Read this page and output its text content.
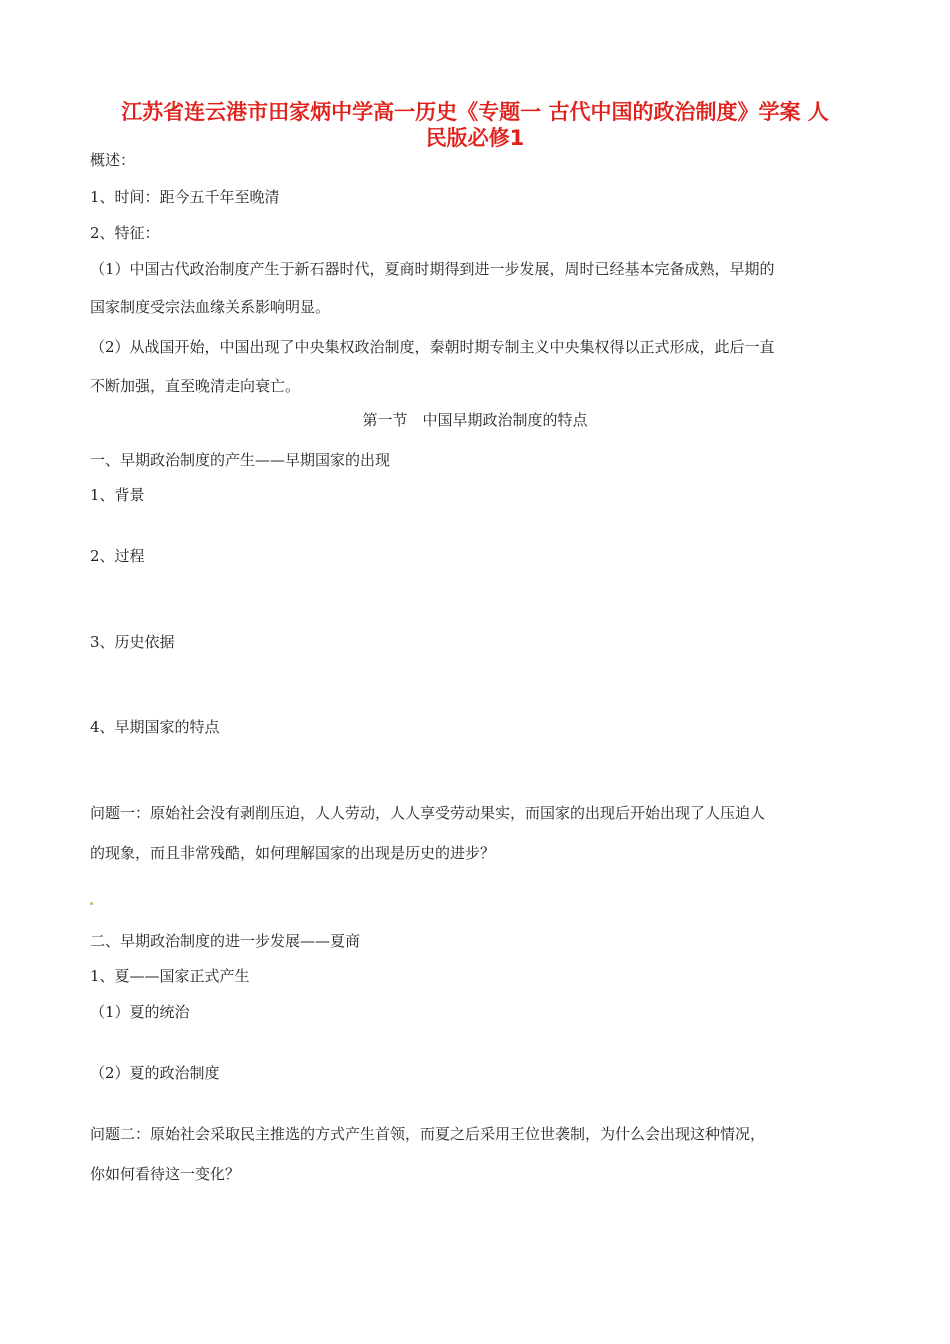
江苏省连云港市田家炳中学高一历史《专题一 古代中国的政治制度》学案 人
民版必修1
概述：
1、时间：距今五千年至晚清
2、特征：
（1）中国古代政治制度产生于新石器时代，夏商时期得到进一步发展，周时已经基本完备成熟，早期的
国家制度受宗法血缘关系影响明显。
（2）从战国开始，中国出现了中央集权政治制度，秦朝时期专制主义中央集权得以正式形成，此后一直
不断加强，直至晚清走向衰亡。
第一节　中国早期政治制度的特点
一、早期政治制度的产生——早期国家的出现
1、背景
2、过程
3、历史依据
4、早期国家的特点
问题一：原始社会没有剥削压迫，人人劳动，人人享受劳动果实，而国家的出现后开始出现了人压迫人
的现象，而且非常残酷，如何理解国家的出现是历史的进步？
二、早期政治制度的进一步发展——夏商
1、夏——国家正式产生
（1）夏的统治
（2）夏的政治制度
问题二：原始社会采取民主推选的方式产生首领，而夏之后采用王位世袭制，为什么会出现这种情况，
你如何看待这一变化？
